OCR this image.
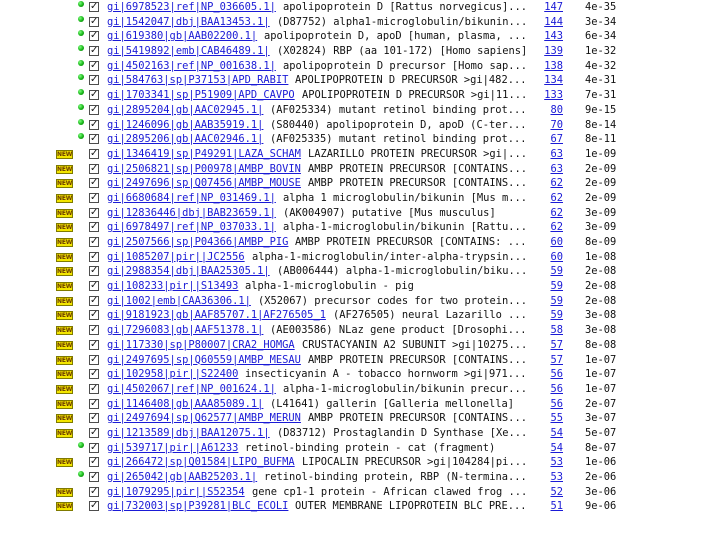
✓ gi|6978523|ref|NP_036605.1| apolipoprotein D [Rattus norvegicus]...	147 4e-35
✓ gi|1542047|dbj|BAA13453.1| (D87752) alpha1-microglobulin/bikunin...	144 3e-34
✓ gi|619380|gb|AAB02200.1| apolipoprotein D, apoD [human, plasma, ...	143 6e-34
✓ gi|5419892|emb|CAB46489.1| (X02824) RBP (aa 101-172) [Homo sapiens]	139 1e-32
✓ gi|4502163|ref|NP_001638.1| apolipoprotein D precursor [Homo sap...	138 4e-32
✓ gi|584763|sp|P37153|APD_RABIT APOLIPOPROTEIN D PRECURSOR >gi|482...	134 4e-31
✓ gi|1703341|sp|P51909|APD_CAVPO APOLIPOPROTEIN D PRECURSOR >gi|11...	133 7e-31
✓ gi|2895204|gb|AAC02945.1| (AF025334) mutant retinol binding prot...	80 9e-15
✓ gi|1246096|gb|AAB35919.1| (S80440) apolipoprotein D, apoD (C-ter...	70 8e-14
✓ gi|2895206|gb|AAC02946.1| (AF025335) mutant retinol binding prot...	67 8e-11
NEW ✓ gi|1346419|sp|P49291|LAZA_SCHAM LAZARILLO PROTEIN PRECURSOR >gi|...	63 1e-09
NEW ✓ gi|2506821|sp|P00978|AMBP_BOVIN AMBP PROTEIN PRECURSOR [CONTAINS...	63 2e-09
NEW ✓ gi|2497696|sp|Q07456|AMBP_MOUSE AMBP PROTEIN PRECURSOR [CONTAINS...	62 2e-09
NEW ✓ gi|6680684|ref|NP_031469.1| alpha 1 microglobulin/bikunin [Mus m...	62 2e-09
NEW ✓ gi|12836446|dbj|BAB23659.1| (AK004907) putative [Mus musculus]	62 3e-09
NEW ✓ gi|6978497|ref|NP_037033.1| alpha-1-microglobulin/bikunin [Rattu...	62 3e-09
NEW ✓ gi|2507566|sp|P04366|AMBP_PIG AMBP PROTEIN PRECURSOR [CONTAINS: ...	60 8e-09
NEW ✓ gi|1085207|pir||JC2556 alpha-1-microglobulin/inter-alpha-trypsin...	60 1e-08
NEW ✓ gi|2988354|dbj|BAA25305.1| (AB006444) alpha-1-microglobulin/biku...	59 2e-08
NEW ✓ gi|108233|pir||S13493 alpha-1-microglobulin - pig	59 2e-08
NEW ✓ gi|1002|emb|CAA36306.1| (X52067) precursor codes for two protein...	59 2e-08
NEW ✓ gi|9181923|gb|AAF85707.1|AF276505_1 (AF276505) neural Lazarillo ...	59 3e-08
NEW ✓ gi|7296083|gb|AAF51378.1| (AE003586) NLaz gene product [Drosophi...	58 3e-08
NEW ✓ gi|117330|sp|P80007|CRA2_HOMGA CRUSTACYANIN A2 SUBUNIT >gi|10275...	57 8e-08
NEW ✓ gi|2497695|sp|Q60559|AMBP_MESAU AMBP PROTEIN PRECURSOR [CONTAINS...	57 1e-07
NEW ✓ gi|102958|pir||S22400 insecticyanin A - tobacco hornworm >gi|971...	56 1e-07
NEW ✓ gi|4502067|ref|NP_001624.1| alpha-1-microglobulin/bikunin precur...	56 1e-07
NEW ✓ gi|1146408|gb|AAA85089.1| (L41641) gallerin [Galleria mellonella]	56 2e-07
NEW ✓ gi|2497694|sp|Q62577|AMBP_MERUN AMBP PROTEIN PRECURSOR [CONTAINS...	55 3e-07
NEW ✓ gi|1213589|dbj|BAA12075.1| (D83712) Prostaglandin D Synthase [Xe...	54 5e-07
✓ gi|539717|pir||A61233 retinol-binding protein - cat (fragment)	54 8e-07
NEW ✓ gi|266472|sp|Q01584|LIPO_BUFMA LIPOCALIN PRECURSOR >gi|104284|pi...	53 1e-06
✓ gi|265042|gb|AAB25203.1| retinol-binding protein, RBP (N-termina...	53 2e-06
NEW ✓ gi|1079295|pir||S52354 gene cp1-1 protein - African clawed frog ...	52 3e-06
NEW ✓ gi|732003|sp|P39281|BLC_ECOLI OUTER MEMBRANE LIPOPROTEIN BLC PRE...	51 9e-06
